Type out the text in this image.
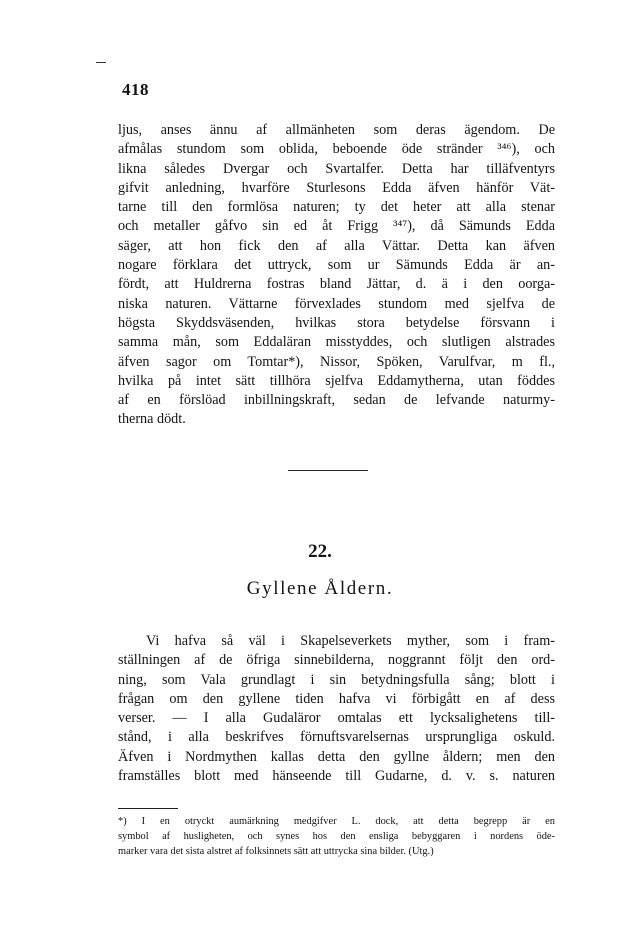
418
ljus, anses ännu af allmänheten som deras ägendom. De
afmålas stundom som oblida, beboende öde stränder ³⁴⁶), och
likna således Dvergar och Svartalfer. Detta har tilläfventyrs
gifvit anledning, hvarföre Sturlesons Edda äfven hänför Vät-
tarne till den formlösa naturen; ty det heter att alla stenar
och metaller gåfvo sin ed åt Frigg ³⁴⁷), då Sämunds Edda
säger, att hon fick den af alla Vättar. Detta kan äfven
nogare förklara det uttryck, som ur Sämunds Edda är an-
fördt, att Huldrerna fostras bland Jättar, d. ä i den oorga-
niska naturen. Vättarne förvexlades stundom med sjelfva de
högsta Skyddsväsenden, hvilkas stora betydelse försvann i
samma mån, som Eddaläran misstyddes, och slutligen alstrades
äfven sagor om Tomtar*), Nissor, Spöken, Varulfvar, m fl.,
hvilka på intet sätt tillhöra sjelfva Eddamytherna, utan föddes
af en förslöad inbillningskraft, sedan de lefvande naturmy-
therna dödt.
22.
Gyllene Åldern.
Vi hafva så väl i Skapelseverkets myther, som i fram-
ställningen af de öfriga sinnebilderna, noggrannt följt den ord-
ning, som Vala grundlagt i sin betydningsfulla sång; blott i
frågan om den gyllene tiden hafva vi förbigått en af dess
verser. — I alla Gudaläror omtalas ett lycksalighetens till-
stånd, i alla beskrifves förnuftsvarelsernas ursprungliga oskuld.
Äfven i Nordmythen kallas detta den gyllne åldern; men den
framställes blott med hänseende till Gudarne, d. v. s. naturen
*) I en otryckt aumärkning medgifver L. dock, att detta begrepp är en
symbol af husligheten, och synes hos den ensliga bebyggaren i nordens öde-
marker vara det sista alstret af folksinnets sätt att uttrycka sina bilder. (Utg.)
